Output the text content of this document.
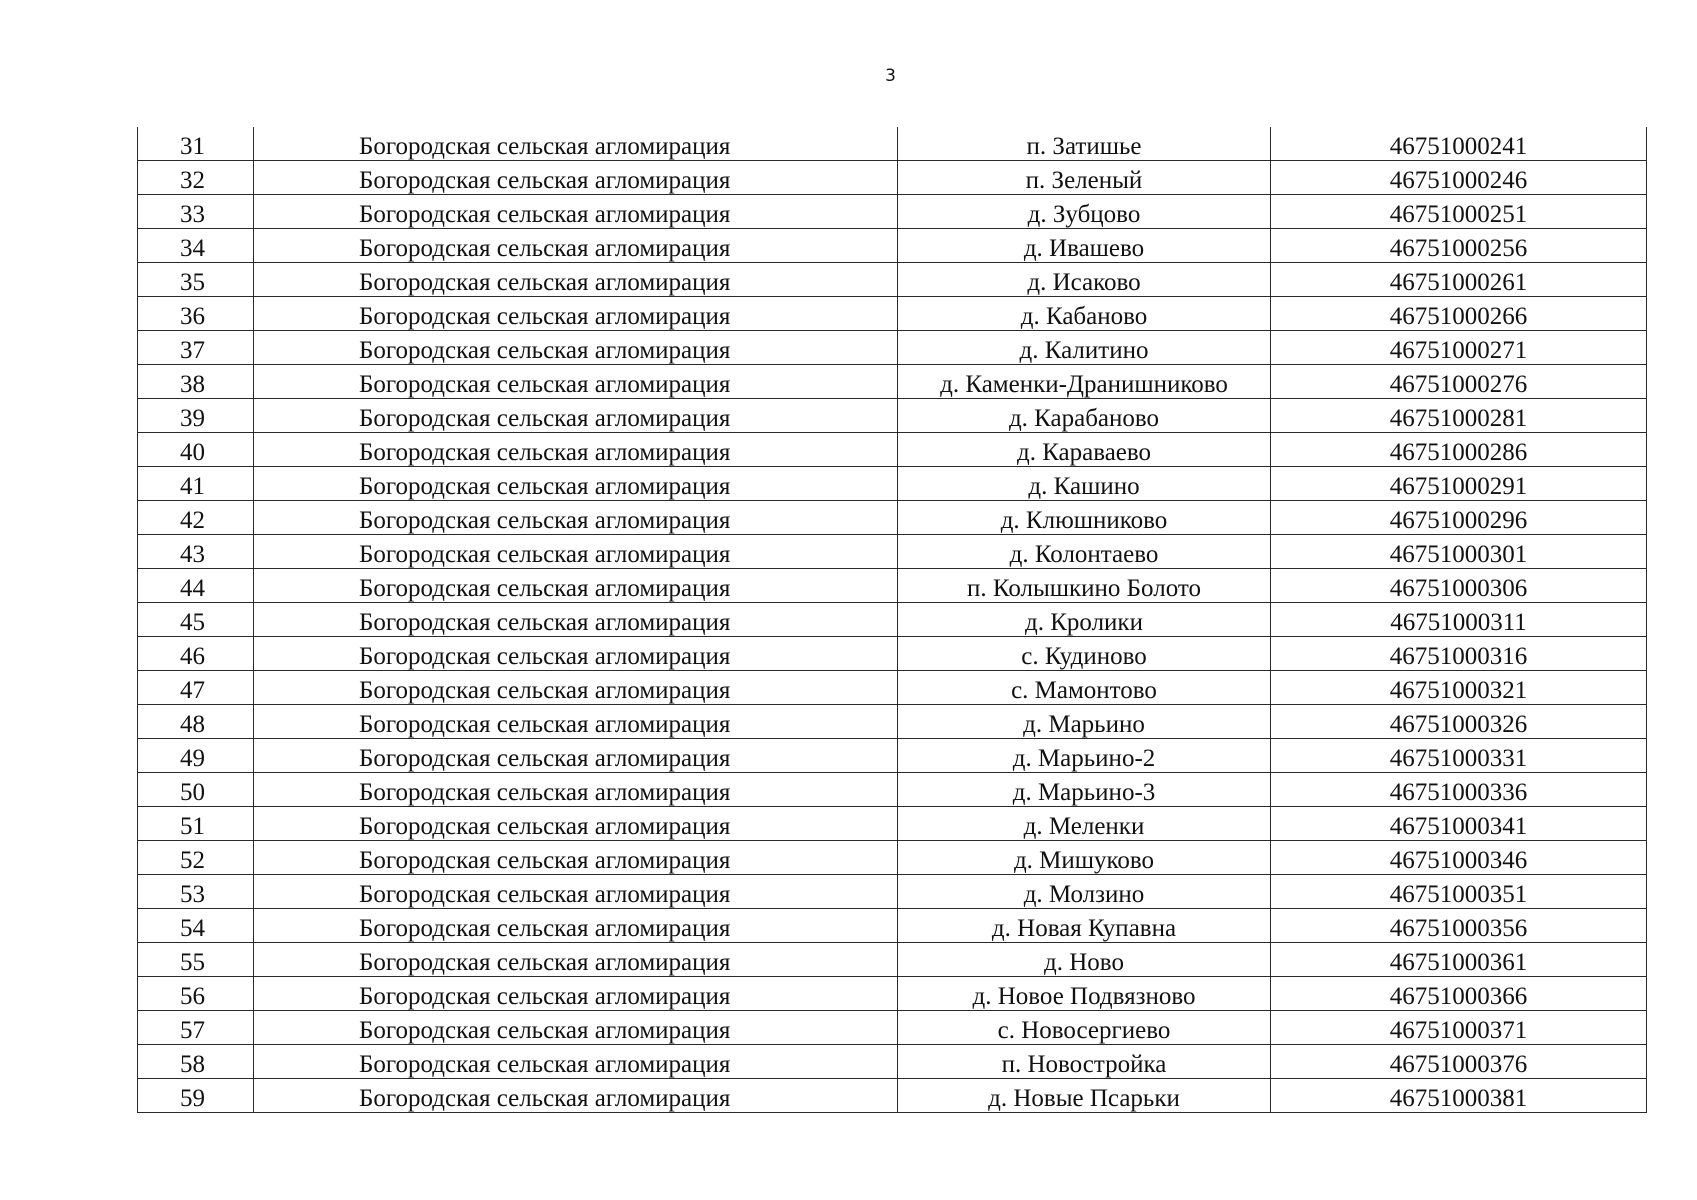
3
31	Богородская сельская агломирация	п. Затишье	46751000241
32	Богородская сельская агломирация	п. Зеленый	46751000246
33	Богородская сельская агломирация	д. Зубцово	46751000251
34	Богородская сельская агломирация	д. Ивашево	46751000256
35	Богородская сельская агломирация	д. Исаково	46751000261
36	Богородская сельская агломирация	д. Кабаново	46751000266
37	Богородская сельская агломирация	д. Калитино	46751000271
38	Богородская сельская агломирация	д. Каменки-Дранишниково	46751000276
39	Богородская сельская агломирация	д. Карабаново	46751000281
40	Богородская сельская агломирация	д. Караваево	46751000286
41	Богородская сельская агломирация	д. Кашино	46751000291
42	Богородская сельская агломирация	д. Клюшниково	46751000296
43	Богородская сельская агломирация	д. Колонтаево	46751000301
44	Богородская сельская агломирация	п. Колышкино Болото	46751000306
45	Богородская сельская агломирация	д. Кролики	46751000311
46	Богородская сельская агломирация	с. Кудиново	46751000316
47	Богородская сельская агломирация	с. Мамонтово	46751000321
48	Богородская сельская агломирация	д. Марьино	46751000326
49	Богородская сельская агломирация	д. Марьино-2	46751000331
50	Богородская сельская агломирация	д. Марьино-3	46751000336
51	Богородская сельская агломирация	д. Меленки	46751000341
52	Богородская сельская агломирация	д. Мишуково	46751000346
53	Богородская сельская агломирация	д. Молзино	46751000351
54	Богородская сельская агломирация	д. Новая Купавна	46751000356
55	Богородская сельская агломирация	д. Ново	46751000361
56	Богородская сельская агломирация	д. Новое Подвязново	46751000366
57	Богородская сельская агломирация	с. Новосергиево	46751000371
58	Богородская сельская агломирация	п. Новостройка	46751000376
59	Богородская сельская агломирация	д. Новые Псарьки	46751000381
